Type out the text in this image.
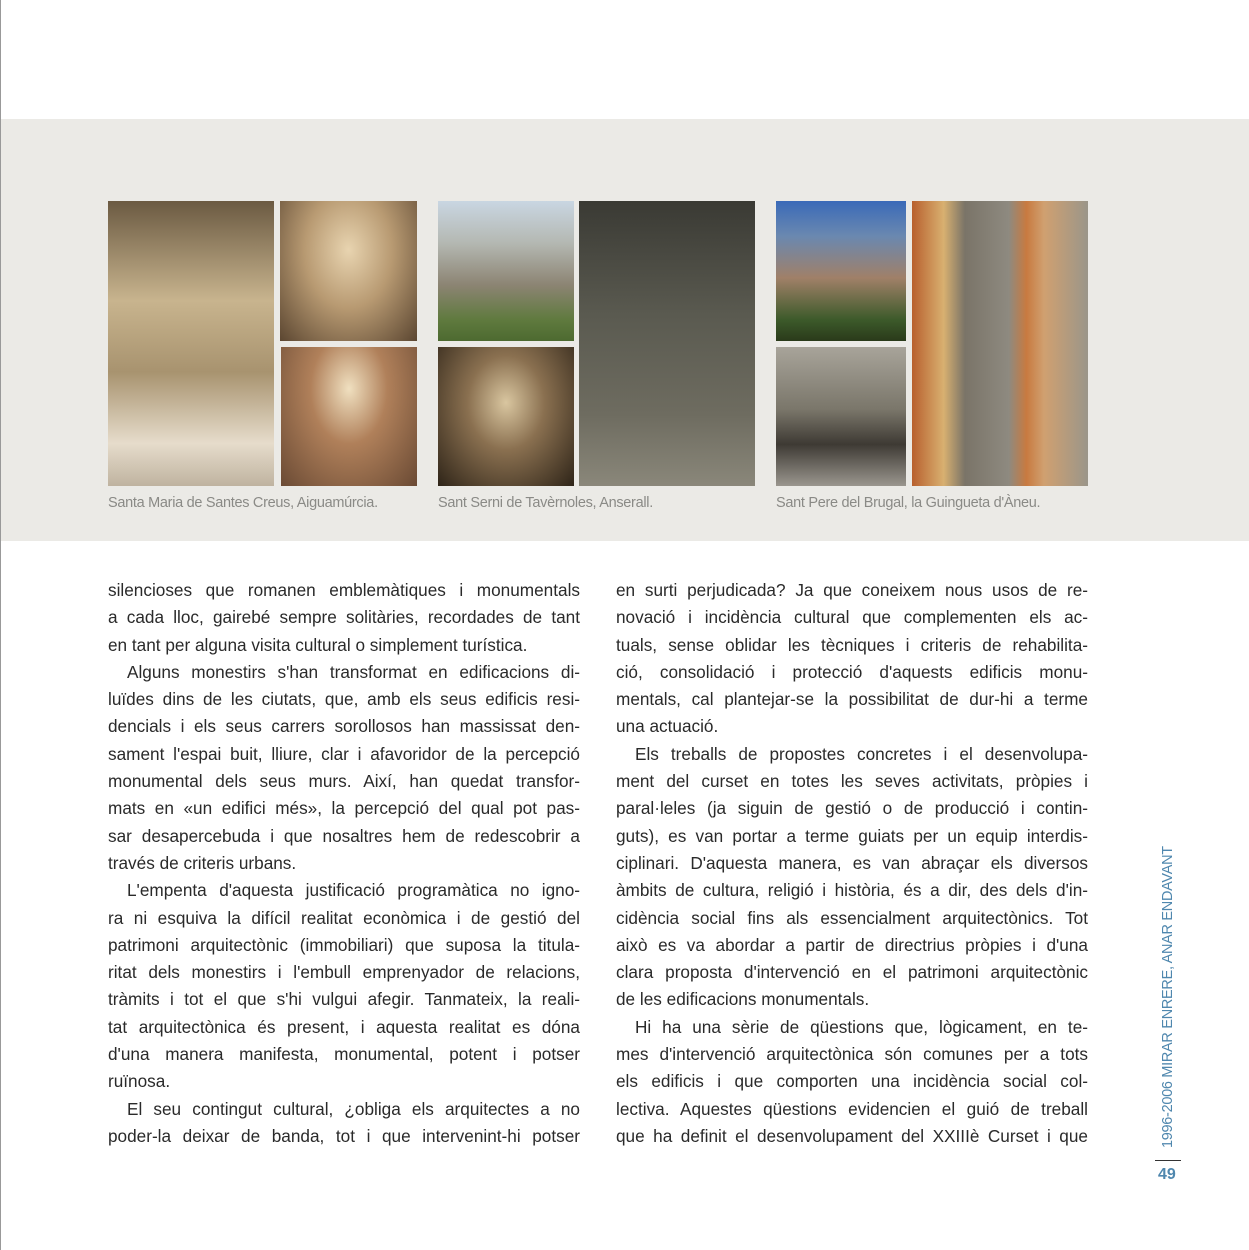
Santa Maria de Santes Creus, Aiguamúrcia.	Sant Serni de Tavèrnoles, Anserall.	Sant Pere del Brugal, la Guingueta d'Àneu.
silencioses que romanen emblemàtiques i monumentals
a cada lloc, gairebé sempre solitàries, recordades de tant
en tant per alguna visita cultural o simplement turística.
Alguns monestirs s'han transformat en edificacions di-
luïdes dins de les ciutats, que, amb els seus edificis resi-
dencials i els seus carrers sorollosos han massissat den-
sament l'espai buit, lliure, clar i afavoridor de la percepció
monumental dels seus murs. Així, han quedat transfor-
mats en «un edifici més», la percepció del qual pot pas-
sar desapercebuda i que nosaltres hem de redescobrir a
través de criteris urbans.
L'empenta d'aquesta justificació programàtica no igno-
ra ni esquiva la difícil realitat econòmica i de gestió del
patrimoni arquitectònic (immobiliari) que suposa la titula-
ritat dels monestirs i l'embull emprenyador de relacions,
tràmits i tot el que s'hi vulgui afegir. Tanmateix, la reali-
tat arquitectònica és present, i aquesta realitat es dóna
d'una manera manifesta, monumental, potent i potser
ruïnosa.
El seu contingut cultural, ¿obliga els arquitectes a no
poder-la deixar de banda, tot i que intervenint-hi potser
en surti perjudicada? Ja que coneixem nous usos de re-
novació i incidència cultural que complementen els ac-
tuals, sense oblidar les tècniques i criteris de rehabilita-
ció, consolidació i protecció d'aquests edificis monu-
mentals, cal plantejar-se la possibilitat de dur-hi a terme
una actuació.
Els treballs de propostes concretes i el desenvolupa-
ment del curset en totes les seves activitats, pròpies i
paral·leles (ja siguin de gestió o de producció i contin-
guts), es van portar a terme guiats per un equip interdis-
ciplinari. D'aquesta manera, es van abraçar els diversos
àmbits de cultura, religió i història, és a dir, des dels d'in-
cidència social fins als essencialment arquitectònics. Tot
això es va abordar a partir de directrius pròpies i d'una
clara proposta d'intervenció en el patrimoni arquitectònic
de les edificacions monumentals.
Hi ha una sèrie de qüestions que, lògicament, en te-
mes d'intervenció arquitectònica són comunes per a tots
els edificis i que comporten una incidència social col-
lectiva. Aquestes qüestions evidencien el guió de treball
que ha definit el desenvolupament del XXIIIè Curset i que	1996-2006 MIRAR ENRERE, ANAR ENDAVANT
49
